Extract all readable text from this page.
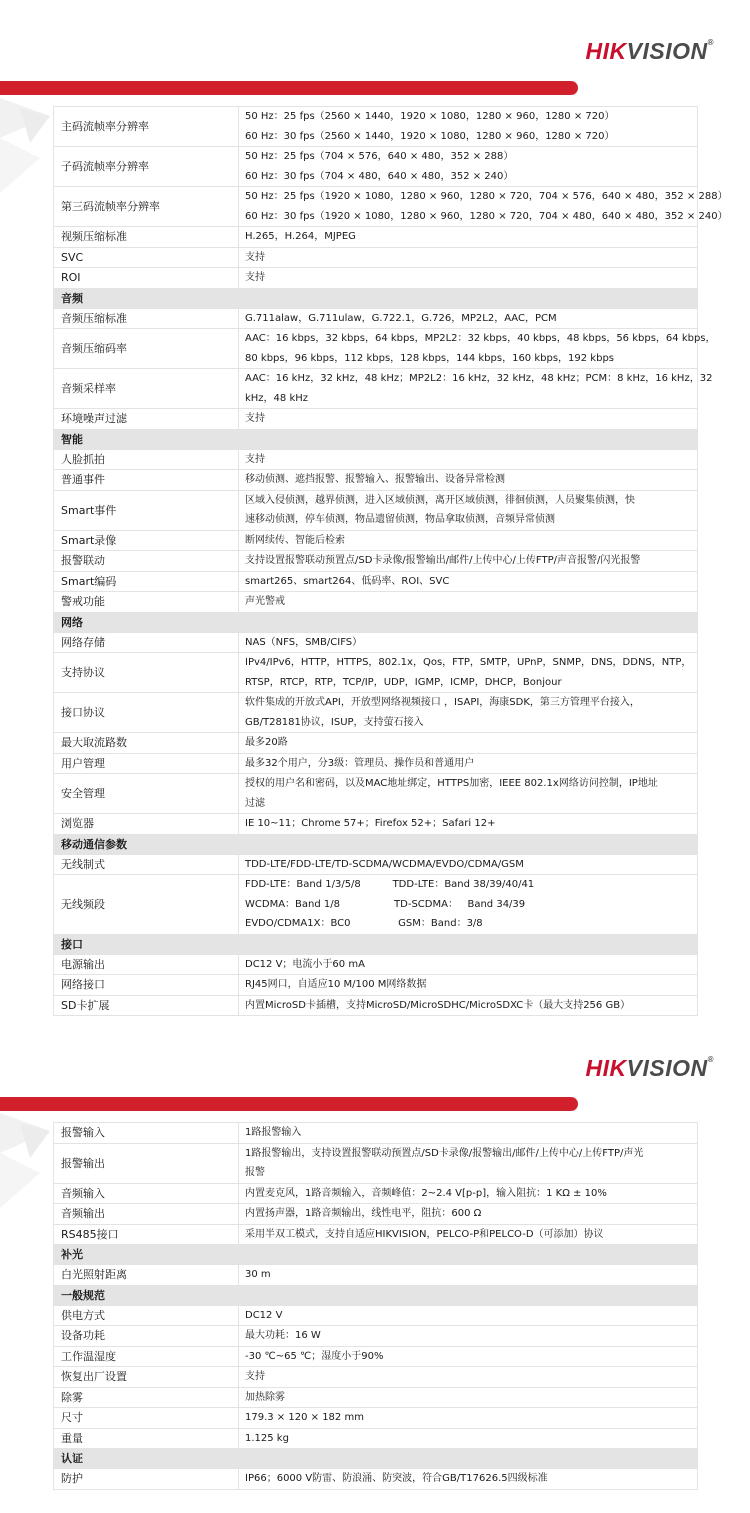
HIKVISION®
主码流帧率分辨率	50 Hz：25 fps（2560 × 1440，1920 × 1080，1280 × 960，1280 × 720）
60 Hz：30 fps（2560 × 1440，1920 × 1080，1280 × 960，1280 × 720）

子码流帧率分辨率	50 Hz：25 fps（704 × 576，640 × 480，352 × 288）
60 Hz：30 fps（704 × 480，640 × 480，352 × 240）

第三码流帧率分辨率	50 Hz：25 fps（1920 × 1080，1280 × 960，1280 × 720，704 × 576，640 × 480，352 × 288）
60 Hz：30 fps（1920 × 1080，1280 × 960，1280 × 720，704 × 480，640 × 480，352 × 240）

视频压缩标准	H.265，H.264，MJPEG

SVC	支持

ROI	支持

音频	
音频压缩标准	G.711alaw，G.711ulaw，G.722.1，G.726，MP2L2，AAC，PCM

音频压缩码率	AAC：16 kbps，32 kbps，64 kbps，MP2L2：32 kbps，40 kbps，48 kbps，56 kbps，64 kbps，
80 kbps，96 kbps，112 kbps，128 kbps，144 kbps，160 kbps，192 kbps

音频采样率	AAC：16 kHz，32 kHz，48 kHz；MP2L2：16 kHz，32 kHz，48 kHz；PCM：8 kHz，16 kHz，32
kHz，48 kHz

环境噪声过滤	支持

智能	
人脸抓拍	支持

普通事件	移动侦测、遮挡报警、报警输入、报警输出、设备异常检测

Smart事件	区域入侵侦测，越界侦测，进入区域侦测，离开区域侦测，徘徊侦测，人员聚集侦测，快
速移动侦测，停车侦测，物品遗留侦测，物品拿取侦测，音频异常侦测

Smart录像	断网续传、智能后检索

报警联动	支持设置报警联动预置点/SD卡录像/报警输出/邮件/上传中心/上传FTP/声音报警/闪光报警

Smart编码	smart265、smart264、低码率、ROI、SVC

警戒功能	声光警戒

网络	
网络存储	NAS（NFS，SMB/CIFS）

支持协议	IPv4/IPv6，HTTP，HTTPS，802.1x，Qos，FTP，SMTP，UPnP，SNMP，DNS，DDNS，NTP，
RTSP，RTCP，RTP，TCP/IP，UDP，IGMP，ICMP，DHCP，Bonjour

接口协议	软件集成的开放式API，开放型网络视频接口 ，ISAPI，海康SDK，第三方管理平台接入，
GB/T28181协议，ISUP，支持萤石接入

最大取流路数	最多20路

用户管理	最多32个用户，分3级：管理员、操作员和普通用户

安全管理	授权的用户名和密码，以及MAC地址绑定，HTTPS加密，IEEE 802.1x网络访问控制，IP地址
过滤

浏览器	IE 10~11；Chrome 57+；Firefox 52+；Safari 12+

移动通信参数	
无线制式	TDD-LTE/FDD-LTE/TD-SCDMA/WCDMA/EVDO/CDMA/GSM

无线频段	FDD-LTE：Band 1/3/5/8          TDD-LTE：Band 38/39/40/41
WCDMA：Band 1/8                 TD-SCDMA：   Band 34/39
EVDO/CDMA1X：BC0               GSM：Band：3/8

接口	
电源输出	DC12 V；电流小于60 mA

网络接口	RJ45网口，自适应10 M/100 M网络数据

SD卡扩展	内置MicroSD卡插槽，支持MicroSD/MicroSDHC/MicroSDXC卡（最大支持256 GB）
HIKVISION®
报警输入	1路报警输入

报警输出	1路报警输出，支持设置报警联动预置点/SD卡录像/报警输出/邮件/上传中心/上传FTP/声光
报警

音频输入	内置麦克风，1路音频输入，音频峰值：2~2.4 V[p-p]，输入阻抗：1 KΩ ± 10%

音频输出	内置扬声器，1路音频输出，线性电平，阻抗：600 Ω

RS485接口	采用半双工模式，支持自适应HIKVISION，PELCO-P和PELCO-D（可添加）协议

补光	
白光照射距离	30 m

一般规范	
供电方式	DC12 V

设备功耗	最大功耗：16 W

工作温湿度	-30 ℃~65 ℃；湿度小于90%

恢复出厂设置	支持

除雾	加热除雾

尺寸	179.3 × 120 × 182 mm

重量	1.125 kg

认证	
防护	IP66；6000 V防雷、防浪涌、防突波，符合GB/T17626.5四级标准
